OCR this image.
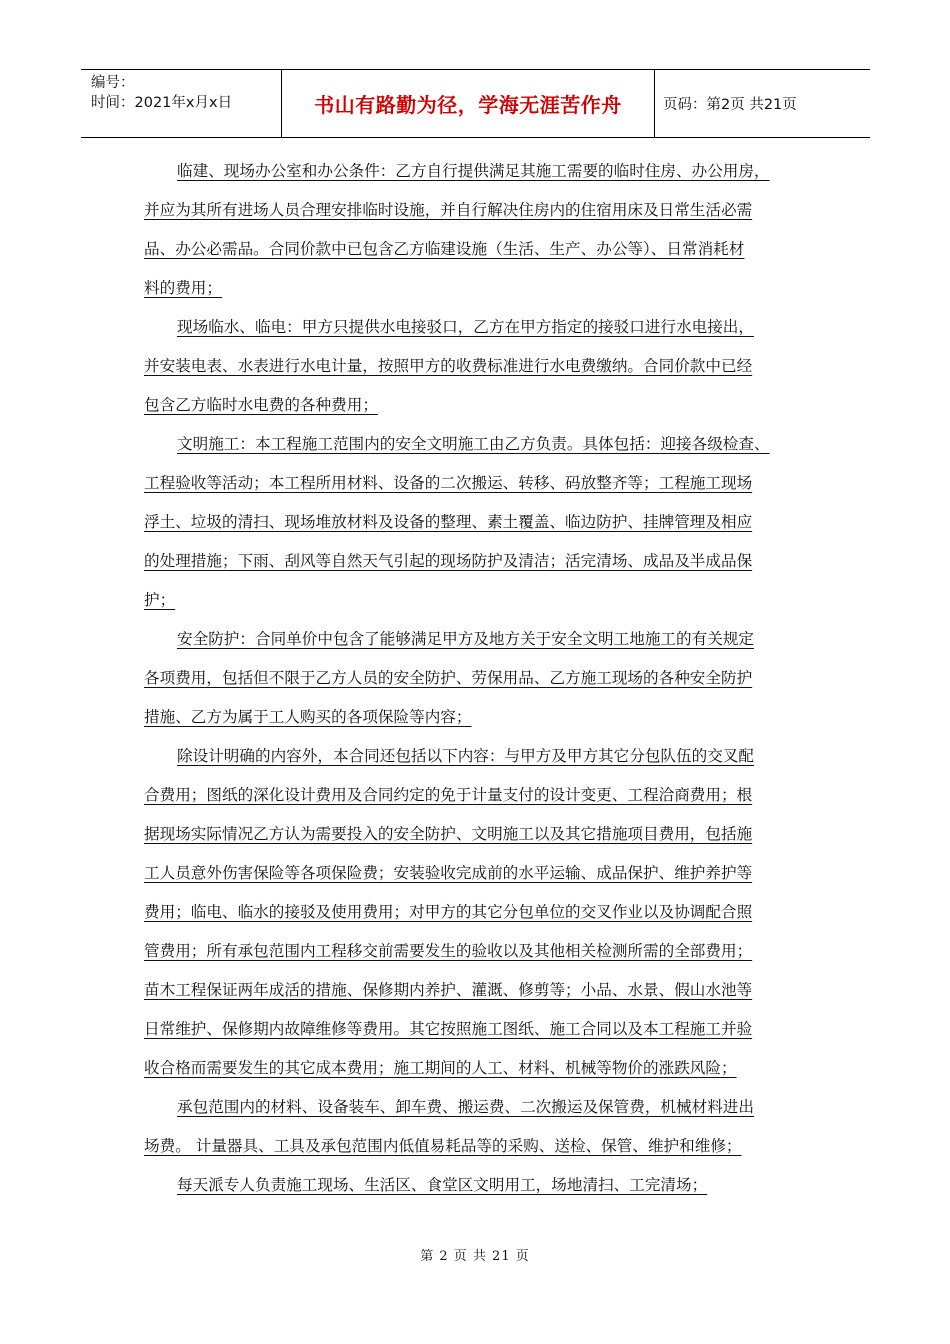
编号：
时间：2021年x月x日	书山有路勤为径，学海无涯苦作舟	页码：第2页 共21页
临建、现场办公室和办公条件：乙方自行提供满足其施工需要的临时住房、办公用房，
并应为其所有进场人员合理安排临时设施，并自行解决住房内的住宿用床及日常生活必需
品、办公必需品。合同价款中已包含乙方临建设施（生活、生产、办公等）、日常消耗材
料的费用；
现场临水、临电：甲方只提供水电接驳口，乙方在甲方指定的接驳口进行水电接出，
并安装电表、水表进行水电计量，按照甲方的收费标准进行水电费缴纳。合同价款中已经
包含乙方临时水电费的各种费用；
文明施工：本工程施工范围内的安全文明施工由乙方负责。具体包括：迎接各级检查、
工程验收等活动；本工程所用材料、设备的二次搬运、转移、码放整齐等；工程施工现场
浮土、垃圾的清扫、现场堆放材料及设备的整理、素土覆盖、临边防护、挂牌管理及相应
的处理措施；下雨、刮风等自然天气引起的现场防护及清洁；活完清场、成品及半成品保
护；
安全防护：合同单价中包含了能够满足甲方及地方关于安全文明工地施工的有关规定
各项费用，包括但不限于乙方人员的安全防护、劳保用品、乙方施工现场的各种安全防护
措施、乙方为属于工人购买的各项保险等内容；
除设计明确的内容外，本合同还包括以下内容：与甲方及甲方其它分包队伍的交叉配
合费用；图纸的深化设计费用及合同约定的免于计量支付的设计变更、工程洽商费用；根
据现场实际情况乙方认为需要投入的安全防护、文明施工以及其它措施项目费用，包括施
工人员意外伤害保险等各项保险费；安装验收完成前的水平运输、成品保护、维护养护等
费用；临电、临水的接驳及使用费用；对甲方的其它分包单位的交叉作业以及协调配合照
管费用；所有承包范围内工程移交前需要发生的验收以及其他相关检测所需的全部费用；
苗木工程保证两年成活的措施、保修期内养护、灌溉、修剪等；小品、水景、假山水池等
日常维护、保修期内故障维修等费用。其它按照施工图纸、施工合同以及本工程施工并验
收合格而需要发生的其它成本费用；施工期间的人工、材料、机械等物价的涨跌风险；
承包范围内的材料、设备装车、卸车费、搬运费、二次搬运及保管费，机械材料进出
场费。 计量器具、工具及承包范围内低值易耗品等的采购、送检、保管、维护和维修；
每天派专人负责施工现场、生活区、食堂区文明用工，场地清扫、工完清场；
第 2 页 共 21 页
